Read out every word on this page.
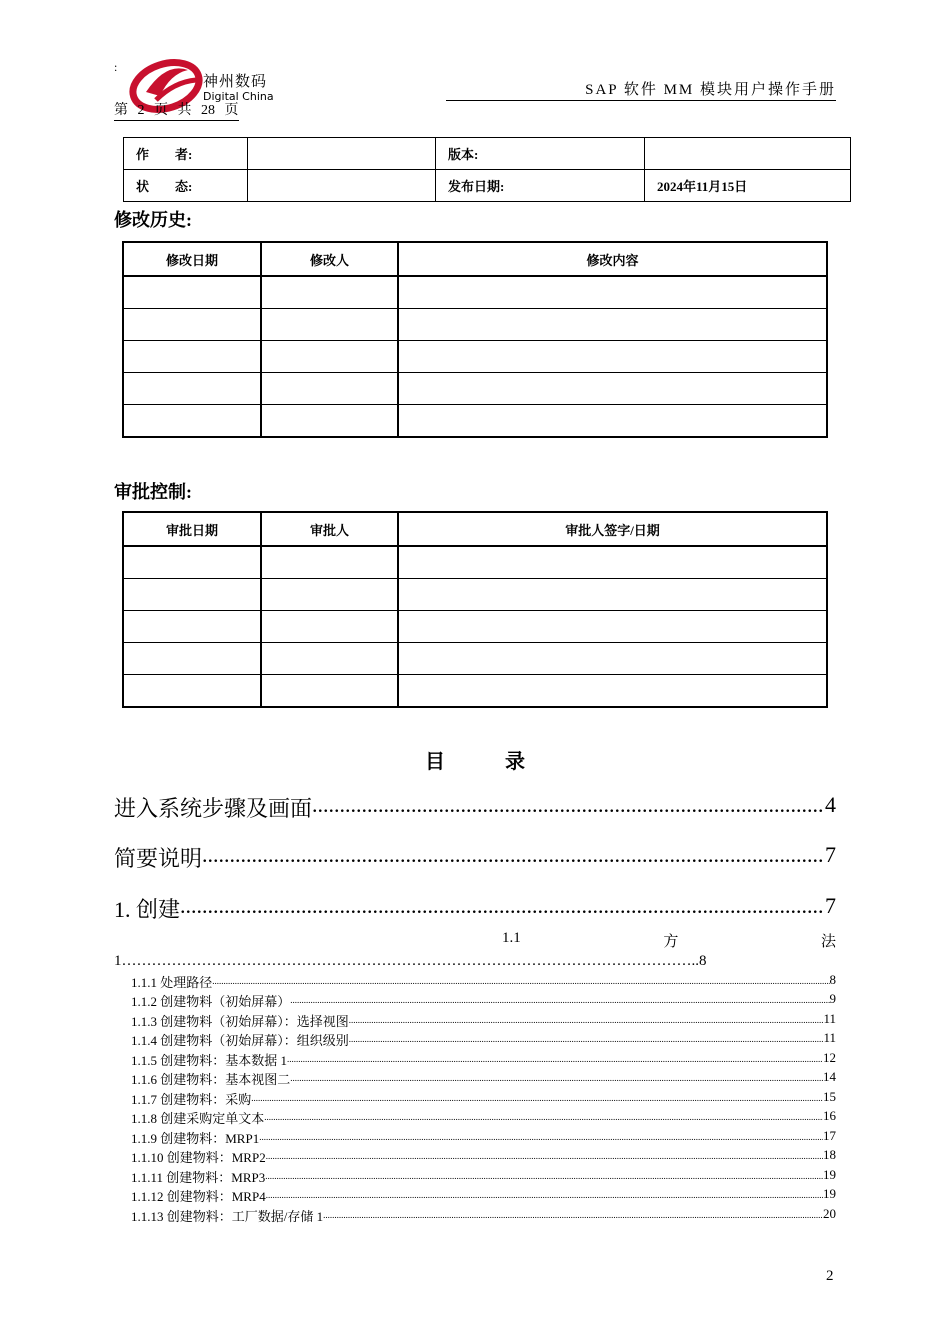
:
神州数码
Digital China
第 2 页 共 28 页
SAP 软件 MM 模块用户操作手册
作　　者:		版本:	
状　　态:		发布日期:	2024年11月15日
修改历史:
修改日期	修改人	修改内容

审批控制:
审批日期	审批人	审批人签字/日期

目录
进入系统步骤及画面 .....	4
简要说明 .....	7
1. 创建 .....	7
1.1	方	法
1……………………………………………………………………………………………………..8
1.1.1 处理路径 .....	8
1.1.2 创建物料（初始屏幕） .....	9
1.1.3 创建物料（初始屏幕）：选择视图 .....	11
1.1.4 创建物料（初始屏幕）：组织级别 .....	11
1.1.5 创建物料：基本数据 1 .....	12
1.1.6 创建物料：基本视图二 .....	14
1.1.7 创建物料：采购 .....	15
1.1.8 创建采购定单文本 .....	16
1.1.9 创建物料：MRP1 .....	17
1.1.10 创建物料：MRP2 .....	18
1.1.11 创建物料：MRP3 .....	19
1.1.12 创建物料：MRP4 .....	19
1.1.13 创建物料：工厂数据/存储 1 .....	20
2
